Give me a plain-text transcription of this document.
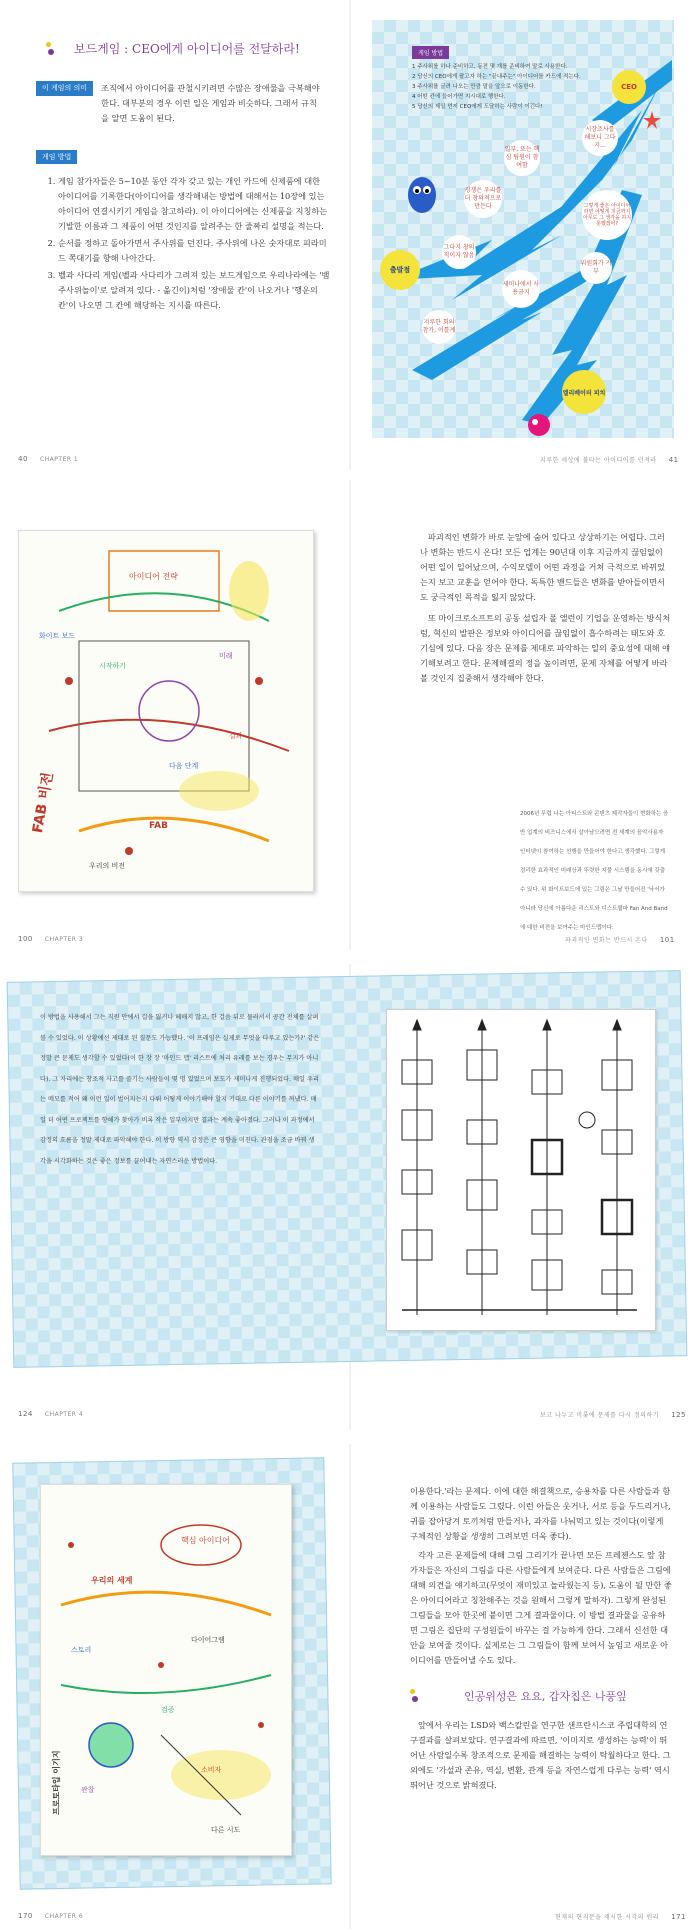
보드게임 : CEO에게 아이디어를 전달하라!
이 게임의 의미	조직에서 아이디어를 관철시키려면 수많은 장애물을 극복해야 한다. 대부분의 경우 이런 일은 게임과 비슷하다. 그래서 규칙을 알면 도움이 된다.
게임 방법
1. 게임 참가자들은 5~10분 동안 각자 갖고 있는 개인 카드에 신제품에 대한 아이디어를 기록한다(아이디어를 생각해내는 방법에 대해서는 10장에 있는 아이디어 연결시키기 게임을 참고하라). 이 아이디어에는 신제품을 지칭하는 기발한 이름과 그 제품이 어떤 것인지를 알려주는 한 줄짜리 설명을 적는다.
2. 순서를 정하고 돌아가면서 주사위를 던진다. 주사위에 나온 숫자대로 피라미드 쪽대기를 향해 나아간다.
3. 벨과 사다리 게임(벨과 사다리가 그려져 있는 보드게임으로 우리나라에는 '뱀주사위놀이'로 알려져 있다. - 옮긴이)처럼 '장애물 칸'이 나오거나 '행운의 칸'이 나오면 그 칸에 해당하는 지시를 따른다.
40 CHAPTER 1
게임 방법
1 주사위를 하나 준비하고, 동전 몇 개를 준비하여 말로 사용한다.
2 당신의 CEO에게 팔고자 하는 "끝내주는" 아이디어를 카드에 적는다.
3 주사위를 굴려 나오는 만큼 말을 앞으로 이동한다.
4 어떤 칸에 들어가면 지시대로 행한다.
5 당신의 제일 먼저 CEO에게 도달하는 사람이 이긴다!
CEO
출발점
엘리베이터 피치
그다지 창의적이지 않음
경쟁은 우리를 더 창의적으로 만든다
일부, 또는 핵심 팀원이 참여함
시장조사를 해보니 그다지...
그렇게 좋은 아이디어라면 어떻게 지금까지 아무도 그 생각을 하지 못했겠어?
위원회가 거부
세미나에서 사용금지
지루한 회의 참가, 이틀계
지루한 세상에 불타는 아이디어를 던져라 41
FAB 비전
아이디어 전략
화이트 보드
시작하기
미래
다음 단계
결과
FAB
우리의 비전
100 CHAPTER 3

파괴적인 변화가 바로 눈앞에 숨어 있다고 상상하기는 어렵다. 그러나 변화는 반드시 온다! 모든 업계는 90년대 이후 지금까지 끊임없이 어떤 일이 일어났으며, 수익모델이 어떤 과정을 거쳐 극적으로 바뀌었는지 보고 교훈을 얻어야 한다. 독특한 밴드들은 변화를 받아들이면서도 궁극적인 목적을 잃지 않았다.

또 마이크로소프트의 공동 설립자 폴 앨런이 기업을 운영하는 방식처럼, 혁신의 발판은 정보와 아이디어를 끊임없이 흡수하려는 태도와 호기심에 있다. 다음 장은 문제를 제대로 파악하는 일의 중요성에 대해 얘기해보려고 한다. 문제해결의 정을 높이려면, 문제 자체를 어떻게 바라볼 것인지 집중해서 생각해야 한다.

2006년 무렵 나는 아티스트와 콘텐츠 제작자들이 변화하는 음반 업계의 비즈니스에서 살아남으려면 전 세계의 음악사용자 인터넷이 참여하는 선행을 만들어야 한다고 생각했다. 그렇게 정리한 효과적인 미래상과 뚜렷한 지불 시스템을 동시에 갖출 수 있다. 위 화이트보드에 있는 그림은 그날 만들어진 '낙서가 아니라 당신에 아름다운 리스트와 디스트웹파 Fan And Band에 대한 비전을 보여주는 마인드맵이다.
파괴적인 변화는 반드시 온다 101
이 방법을 사용해서 그는 직원 안에서 길을 잃거나 헤매지 않고, 한 걸음 뒤로 물러서서 공간 전체를 살펴볼 수 있었다. 이 상황에선 제대로 된 질문도 가능했다. '이 프레임은 실제로 무엇을 다루고 있는가?' 같은 정말 큰 문제도 생각할 수 있었다(이 한 장 장 '마인드 맵' 리스트에 처리 유래를 보는 경우는 무지가 아니다). 그 자리에는 창조적 사고를 즐기는 사람들이 몇 명 있었으며 보도가 재미나게 진행되었다. 매일 우리는 메모를 적어 왜 이런 일이 벌어지는지 다뤄 어떻게 이야기해야 할지 기대로 다른 이야기를 꺼냈다. 매일 더 어떤 프로젝트를 향해가 찾아가 비록 작은 일부이지만 결과는 계속 좋아졌다. 그러나 이 과정에서 감정의 흐름을 정말 제대로 파악해야 한다. 이 방향 역시 감정은 큰 영향을 미친다. 관점을 조금 바꿔 생각을 시각화하는 것은 좋은 정보를 끌어내는 자연스러운 방법이다.
124 CHAPTER 4	보고 나누고 비롯에 문제를 다시 정의하기 125
프로토타입 이기지
핵심 아이디어
우리의 세계
다이어그램
스토리
검증
소비자
관찰
다른 시도
170 CHAPTER 6

이용한다.'라는 문제다. 이에 대한 해결책으로, 승용차를 다른 사람들과 함께 이용하는 사람들도 그렸다. 이런 아들은 웃거나, 서로 등을 두드리거나, 귀를 잡아당겨 토끼처럼 만들거나, 과자를 나눠먹고 있는 것이다(이렇게 구체적인 상황을 생생히 그려보면 더욱 좋다).

각자 고른 문제들에 대해 그림 그리기가 끝나면 모든 프레젠스도 앞 참가자들은 자신의 그림을 다른 사람들에게 보여준다. 다른 사람들은 그림에 대해 의견을 얘기하고(무엇이 재미있고 놀라웠는지 등), 도움이 될 만한 좋은 아이디어라고 칭찬해주는 것을 원해서 그렇게 말하자). 그렇게 완성된 그림들을 모아 한곳에 붙이면 그게 결과물이다. 이 방법 결과물을 공유하면 그림은 집단의 구성원들이 바꾸는 걸 가능하게 한다. 그래서 신선한 대안을 보여줄 것이다. 실제로는 그 그림들이 함께 보여서 높임고 새로운 아이디어를 만들어낼 수도 있다.

인공위성은 요요, 갑자칩은 나풍잎

앞에서 우리는 LSD와 백스칼린을 연구한 샌프란시스코 주립대학의 연구결과를 살펴보았다. 연구결과에 따르면, '이미지로 생성하는 능력'이 뛰어난 사람일수록 창조적으로 문제를 해결하는 능력이 탁월하다고 한다. 그 외에도 '가설과 존유, 역실, 변환, 관계 등을 자연스럽게 다루는 능력' 역시 뛰어난 것으로 밝혀졌다.

현재의 현지문을 재시한 시각의 원리 171
